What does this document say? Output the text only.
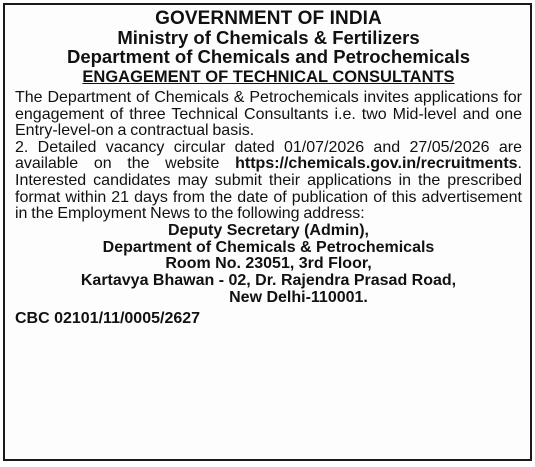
GOVERNMENT OF INDIA
Ministry of Chemicals & Fertilizers
Department of Chemicals and Petrochemicals
ENGAGEMENT OF TECHNICAL CONSULTANTS
The Department of Chemicals & Petrochemicals invites applications for engagement of three Technical Consultants i.e. two Mid-level and one Entry-level-on a contractual basis.
2. Detailed vacancy circular dated 01/07/2026 and 27/05/2026 are available on the website https://chemicals.gov.in/recruitments. Interested candidates may submit their applications in the prescribed format within 21 days from the date of publication of this advertisement in the Employment News to the following address:
Deputy Secretary (Admin),
Department of Chemicals & Petrochemicals
Room No. 23051, 3rd Floor,
Kartavya Bhawan - 02, Dr. Rajendra Prasad Road,
New Delhi-110001.
CBC 02101/11/0005/2627
